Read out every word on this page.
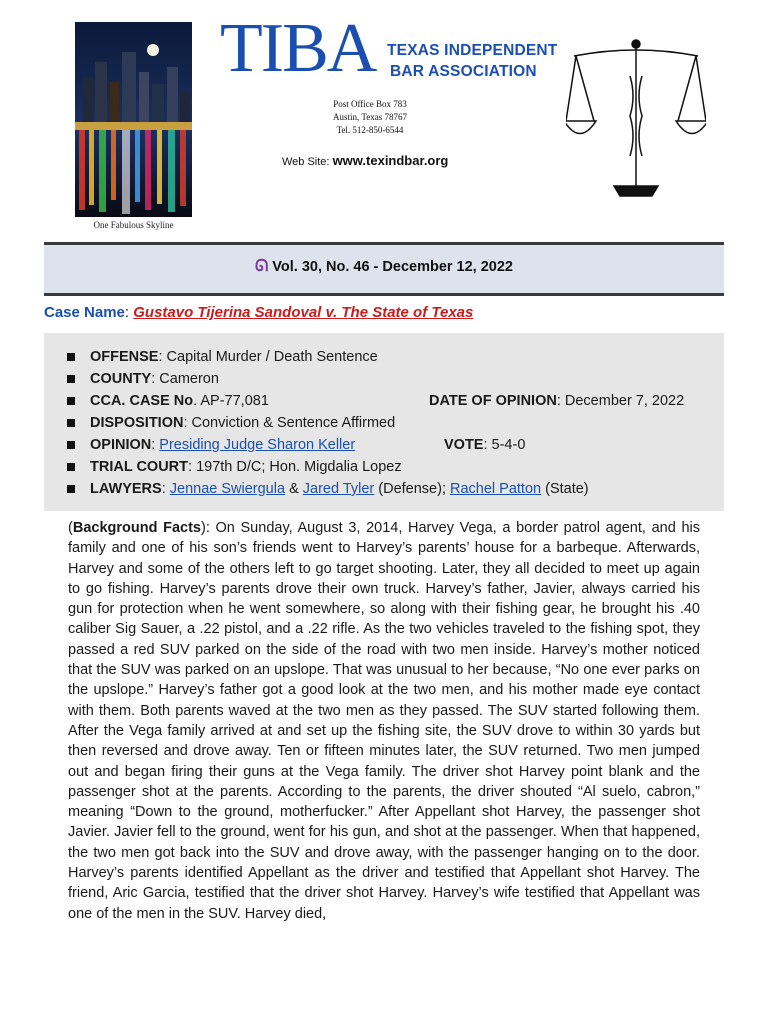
One Fabulous Skyline
TIBA TEXAS INDEPENDENT
BAR ASSOCIATION
Post Office Box 783
Austin, Texas 78767
Tel. 512-850-6544
Web Site: www.texindbar.org
ᘏ Vol. 30, No. 46 - December 12, 2022
Case Name: Gustavo Tijerina Sandoval v. The State of Texas
OFFENSE: Capital Murder / Death Sentence
COUNTY: Cameron
CCA. CASE No. AP-77,081	DATE OF OPINION: December 7, 2022
DISPOSITION: Conviction & Sentence Affirmed
OPINION: Presiding Judge Sharon Keller	VOTE: 5-4-0
TRIAL COURT: 197th D/C; Hon. Migdalia Lopez
LAWYERS: Jennae Swiergula & Jared Tyler (Defense); Rachel Patton (State)

(Background Facts): On Sunday, August 3, 2014, Harvey Vega, a border patrol agent, and his family and one of his son’s friends went to Harvey’s parents’ house for a barbeque. Afterwards, Harvey and some of the others left to go target shooting. Later, they all decided to meet up again to go fishing. Harvey’s parents drove their own truck. Harvey’s father, Javier, always carried his gun for protection when he went somewhere, so along with their fishing gear, he brought his .40 caliber Sig Sauer, a .22 pistol, and a .22 rifle. As the two vehicles traveled to the fishing spot, they passed a red SUV parked on the side of the road with two men inside. Harvey’s mother noticed that the SUV was parked on an upslope. That was unusual to her because, “No one ever parks on the upslope.” Harvey’s father got a good look at the two men, and his mother made eye contact with them. Both parents waved at the two men as they passed. The SUV started following them. After the Vega family arrived at and set up the fishing site, the SUV drove to within 30 yards but then reversed and drove away. Ten or fifteen minutes later, the SUV returned. Two men jumped out and began firing their guns at the Vega family. The driver shot Harvey point blank and the passenger shot at the parents. According to the parents, the driver shouted “Al suelo, cabron,” meaning “Down to the ground, motherfucker.” After Appellant shot Harvey, the passenger shot Javier. Javier fell to the ground, went for his gun, and shot at the passenger. When that happened, the two men got back into the SUV and drove away, with the passenger hanging on to the door. Harvey’s parents identified Appellant as the driver and testified that Appellant shot Harvey. The friend, Aric Garcia, testified that the driver shot Harvey. Harvey’s wife testified that Appellant was one of the men in the SUV. Harvey died,
